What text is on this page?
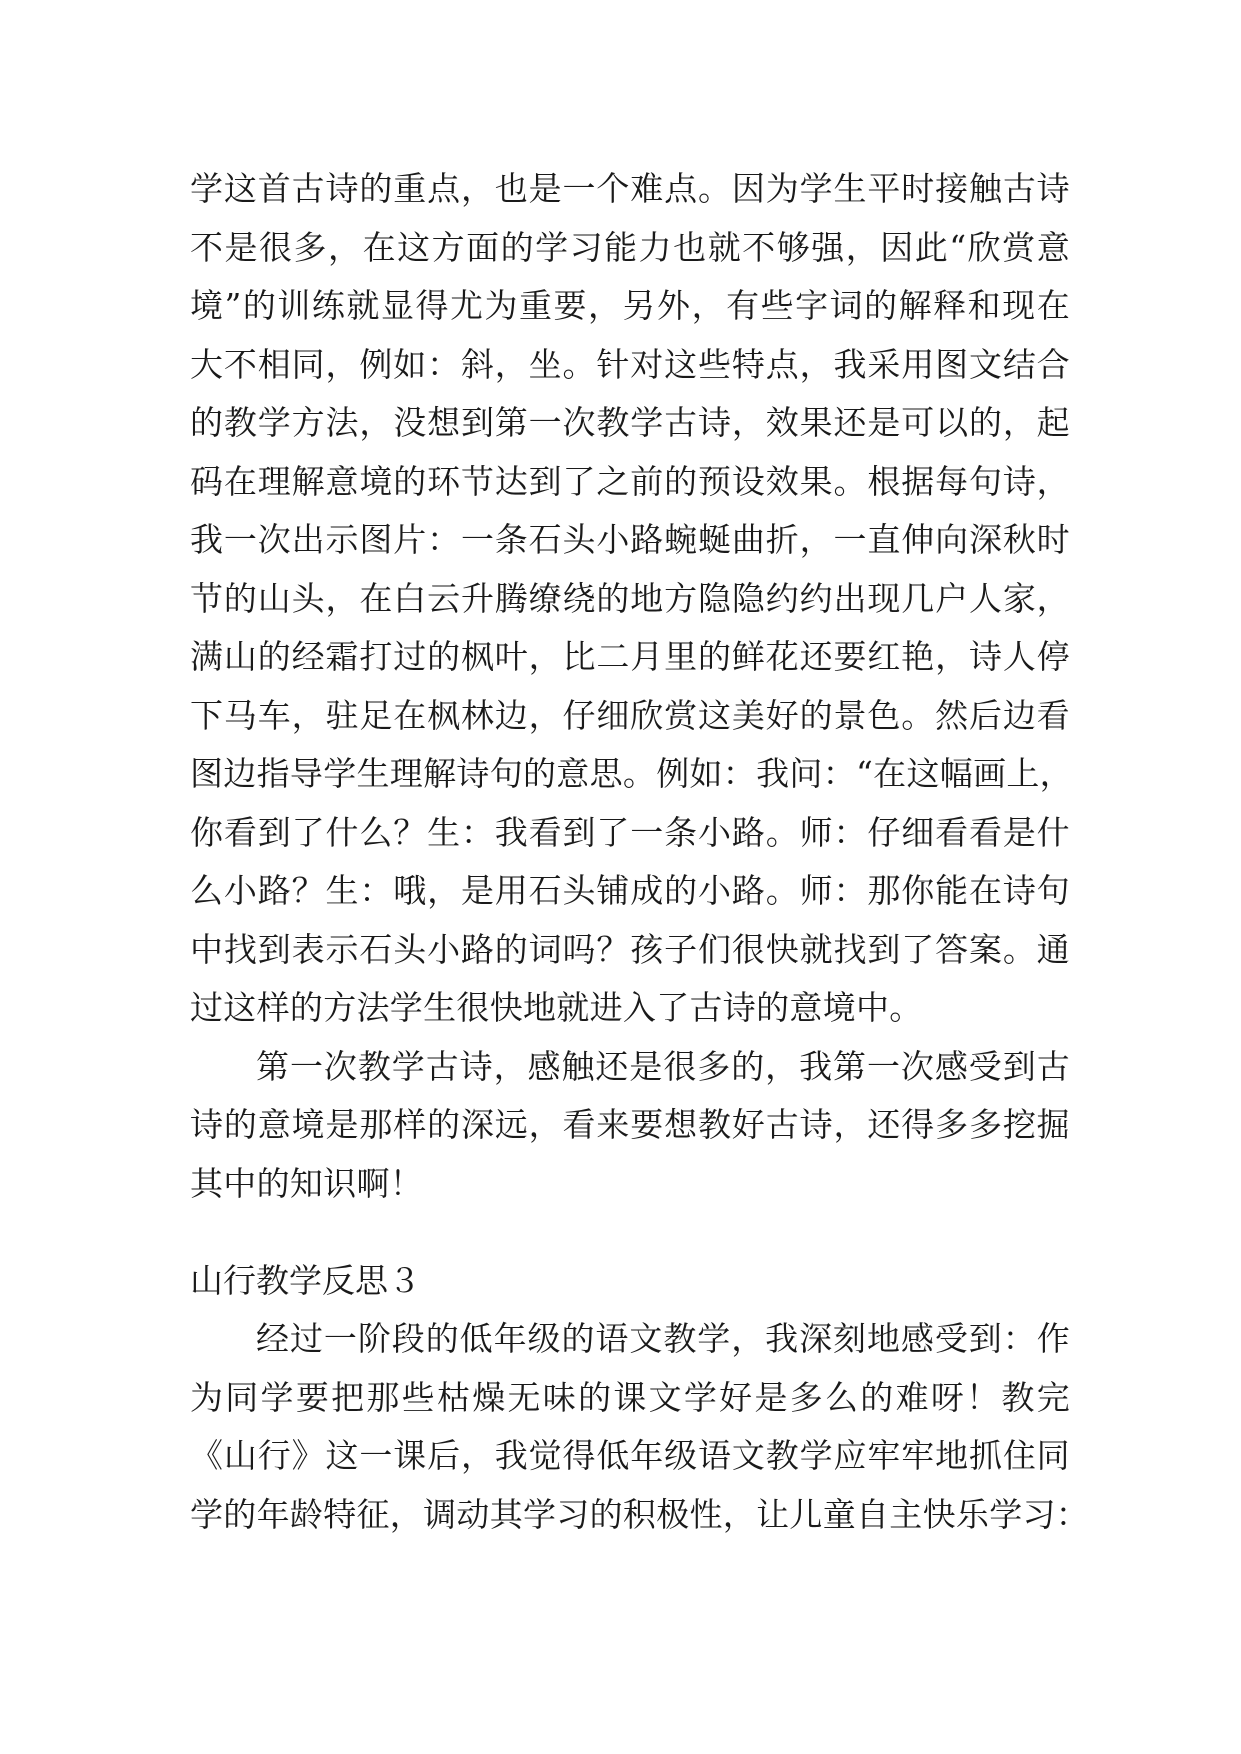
学这首古诗的重点，也是一个难点。因为学生平时接触古诗
不是很多，在这方面的学习能力也就不够强，因此“欣赏意
境”的训练就显得尤为重要，另外，有些字词的解释和现在
大不相同，例如：斜，坐。针对这些特点，我采用图文结合
的教学方法，没想到第一次教学古诗，效果还是可以的，起
码在理解意境的环节达到了之前的预设效果。根据每句诗，
我一次出示图片：一条石头小路蜿蜒曲折，一直伸向深秋时
节的山头，在白云升腾缭绕的地方隐隐约约出现几户人家，
满山的经霜打过的枫叶，比二月里的鲜花还要红艳，诗人停
下马车，驻足在枫林边，仔细欣赏这美好的景色。然后边看
图边指导学生理解诗句的意思。例如：我问：“在这幅画上，
你看到了什么？生：我看到了一条小路。师：仔细看看是什
么小路？生：哦，是用石头铺成的小路。师：那你能在诗句
中找到表示石头小路的词吗？孩子们很快就找到了答案。通
过这样的方法学生很快地就进入了古诗的意境中。
第一次教学古诗，感触还是很多的，我第一次感受到古
诗的意境是那样的深远，看来要想教好古诗，还得多多挖掘
其中的知识啊！
山行教学反思３
经过一阶段的低年级的语文教学，我深刻地感受到：作
为同学要把那些枯燥无味的课文学好是多么的难呀！教完
《山行》这一课后，我觉得低年级语文教学应牢牢地抓住同
学的年龄特征，调动其学习的积极性，让儿童自主快乐学习：
